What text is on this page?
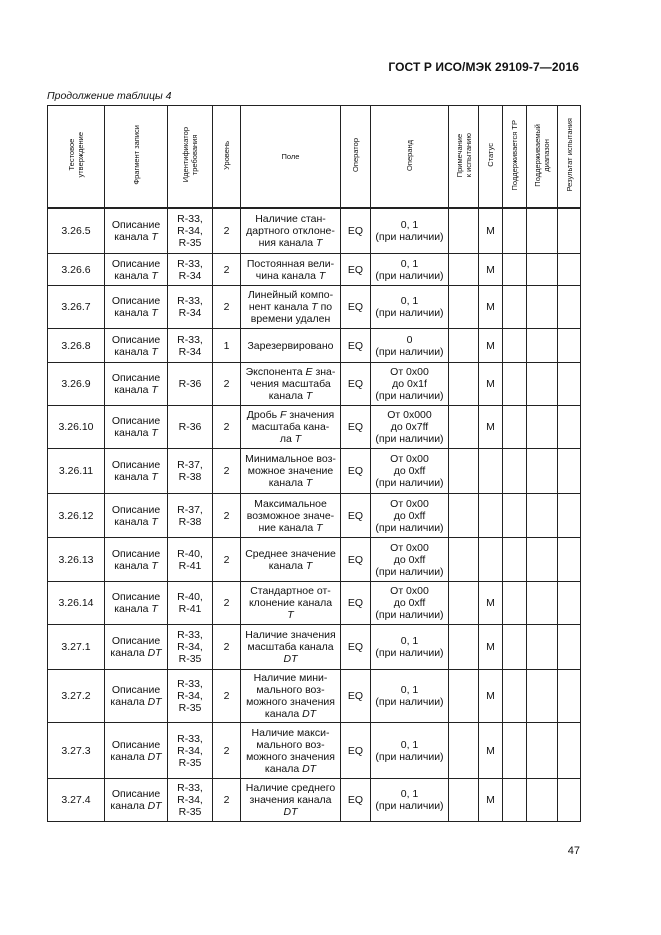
ГОСТ Р ИСО/МЭК 29109-7—2016
Продолжение таблицы 4
Тестовое
утверждение	Фрагмент записи	Идентификатор
требования	Уровень	Поле	Оператор	Операнд	Примечание
к испытанию	Статус	Поддерживается ТР	Поддерживаемый
диапазон	Результат испытания

3.26.5	Описание
канала T	R-33,
R-34,
R-35	2	Наличие стан-
дартного отклоне-
ния канала T	EQ	0, 1
(при наличии)		M			
3.26.6	Описание
канала T	R-33,
R-34	2	Постоянная вели-
чина канала T	EQ	0, 1
(при наличии)		M			
3.26.7	Описание
канала T	R-33,
R-34	2	Линейный компо-
нент канала T по
времени удален	EQ	0, 1
(при наличии)		M			
3.26.8	Описание
канала T	R-33,
R-34	1	Зарезервировано	EQ	0
(при наличии)		M			
3.26.9	Описание
канала T	R-36	2	Экспонента E зна-
чения масштаба
канала T	EQ	От 0x00
до 0x1f
(при наличии)		M			
3.26.10	Описание
канала T	R-36	2	Дробь F значения
масштаба кана-
ла T	EQ	От 0x000
до 0x7ff
(при наличии)		M			
3.26.11	Описание
канала T	R-37,
R-38	2	Минимальное воз-
можное значение
канала T	EQ	От 0x00
до 0xff
(при наличии)					
3.26.12	Описание
канала T	R-37,
R-38	2	Максимальное
возможное значе-
ние канала T	EQ	От 0x00
до 0xff
(при наличии)					
3.26.13	Описание
канала T	R-40,
R-41	2	Среднее значение
канала T	EQ	От 0x00
до 0xff
(при наличии)					
3.26.14	Описание
канала T	R-40,
R-41	2	Стандартное от-
клонение канала
T	EQ	От 0x00
до 0xff
(при наличии)		M			
3.27.1	Описание
канала DT	R-33,
R-34,
R-35	2	Наличие значения
масштаба канала
DT	EQ	0, 1
(при наличии)		M			
3.27.2	Описание
канала DT	R-33,
R-34,
R-35	2	Наличие мини-
мального воз-
можного значения
канала DT	EQ	0, 1
(при наличии)		M			
3.27.3	Описание
канала DT	R-33,
R-34,
R-35	2	Наличие макси-
мального воз-
можного значения
канала DT	EQ	0, 1
(при наличии)		M			
3.27.4	Описание
канала DT	R-33,
R-34,
R-35	2	Наличие среднего
значения канала
DT	EQ	0, 1
(при наличии)		M			
47
